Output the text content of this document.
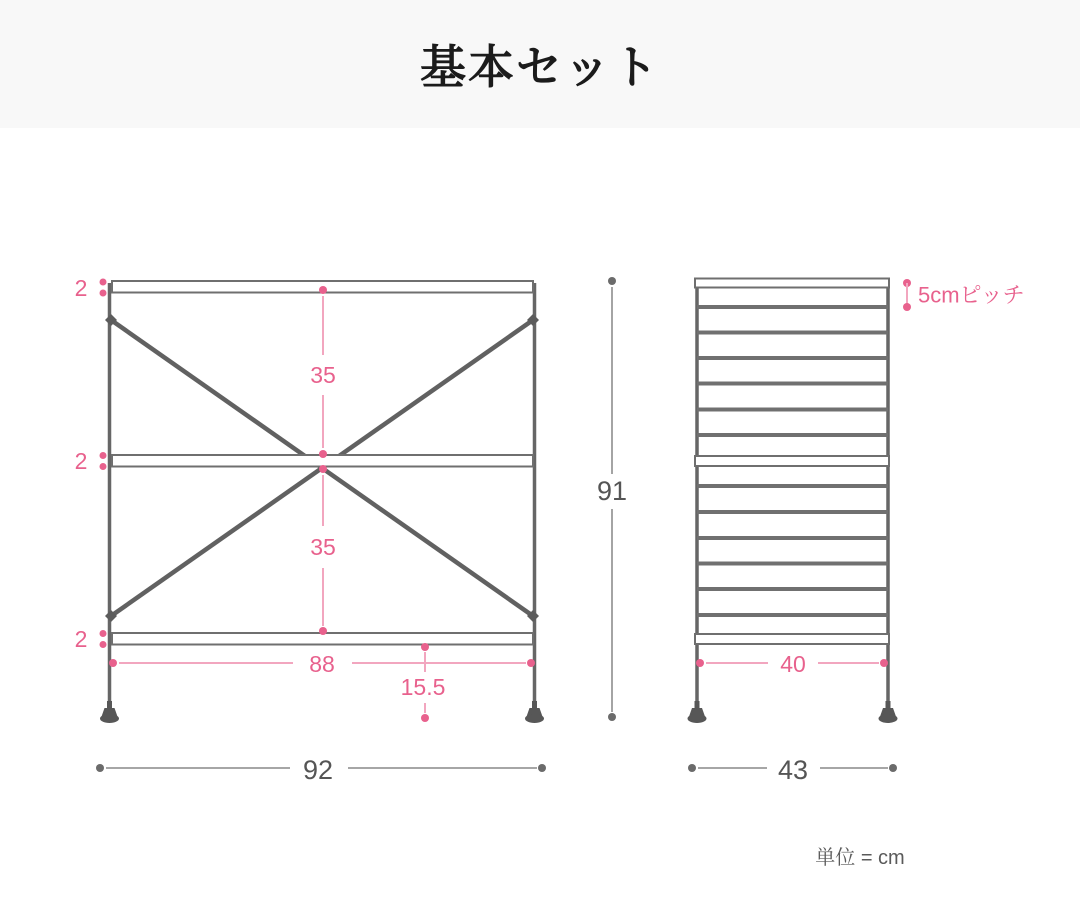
基本セット
2
2
2
35
35
88
15.5
92
91
5cmピッチ
40
43
単位 = cm
